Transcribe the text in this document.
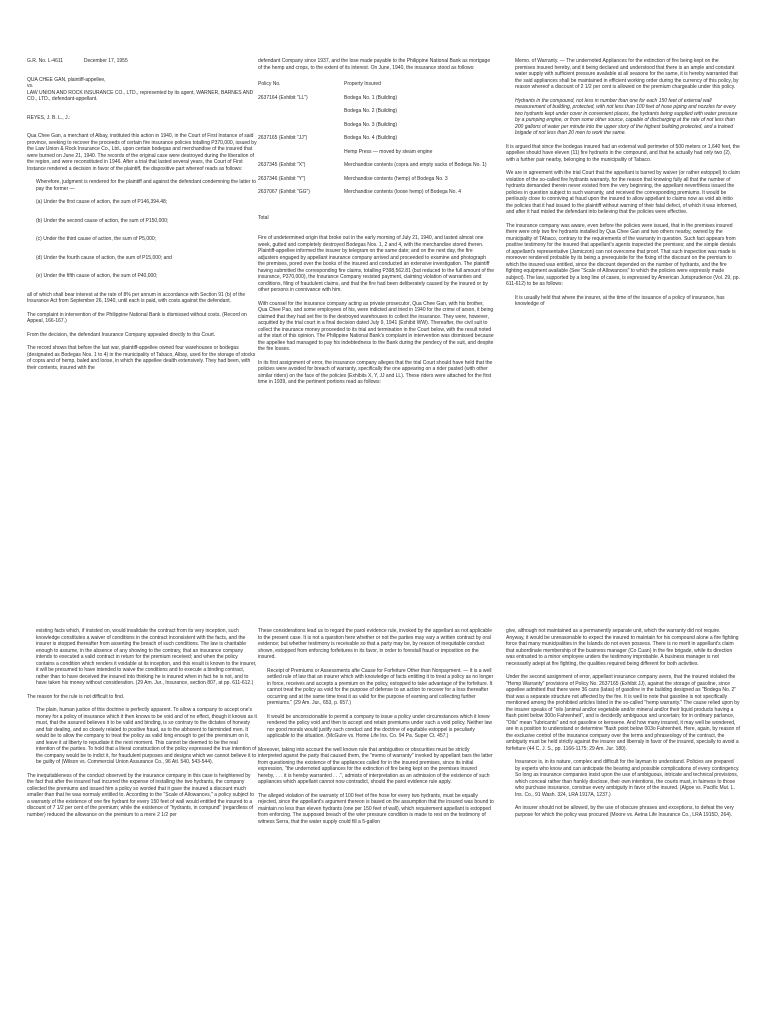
G.R. No. L-4611	December 17, 1955
QUA CHEE GAN, plaintiff-appellee,
vs.
LAW UNION AND ROCK INSURANCE CO., LTD., represented by its agent, WARNER, BARNES AND CO., LTD., defendant-appellant.
REYES, J. B. L., J.:

Qua Chee Gan, a merchant of Albay, instituted this action in 1940, in the Court of First Instance of said province, seeking to recover the proceeds of certain fire insurance policies totalling P370,000, issued by the Law Union & Rock Insurance Co., Ltd., upon certain bodegas and merchandise of the insured that were burned on June 21, 1940. The records of the original case were destroyed during the liberation of the region, and were reconstituted in 1946. After a trial that lasted several years, the Court of First Instance rendered a decision in favor of the plaintiff, the dispositive part whereof reads as follows:

Wherefore, judgment is rendered for the plaintiff and against the defendant condemning the latter to pay the former —

(a) Under the first cause of action, the sum of P146,394.48;

(b) Under the second cause of action, the sum of P150,000;

(c) Under the third cause of action, the sum of P5,000;

(d) Under the fourth cause of action, the sum of P15,000; and

(e) Under the fifth cause of action, the sum of P40,000;

all of which shall bear interest at the rate of 8% per annum in accordance with Section 91 (b) of the Insurance Act from September 26, 1940, until each is paid, with costs against the defendant.

The complaint in intervention of the Philippine National Bank is dismissed without costs. (Record on Appeal, 166-167.)

From the decision, the defendant Insurance Company appealed directly to this Court.

The record shows that before the last war, plaintiff-appellee owned four warehouses or bodegas (designated as Bodegas Nos. 1 to 4) in the municipality of Tabaco, Albay, used for the storage of stocks of copra and of hemp, baled and loose, in which the appellee dealth extensively. They had been, with their contents, insured with the

defendant Company since 1937, and the lose made payable to the Philippine National Bank as mortgage of the hemp and crops, to the extent of its interest. On June, 1940, the insurance stood as follows:

Policy No.	Property Insured
2637164 (Exhibit "LL")	Bodega No. 1 (Building)
	Bodega No. 2 (Building)
	Bodega No. 3 (Building)
2637165 (Exhibit "JJ")	Bodega No. 4 (Building)
	Hemp Press — moved by steam engine
2637345 (Exhibit "X")	Merchandise contents (copra and empty sacks of Bodega No. 1)
2637346 (Exhibit "Y")	Merchandise contents (hemp) of Bodega No. 3
2637067 (Exhibit "GG")	Merchandise contents (loose hemp) of Bodega No. 4

Total

Fire of undetermined origin that broke out in the early morning of July 21, 1940, and lasted almost one week, gutted and completely destroyed Bodegas Nos. 1, 2 and 4, with the merchandise stored theren. Plaintiff-appellee informed the insurer by telegram on the same date; and on the next day, the fire adjusters engaged by appellant insurance company arrived and proceeded to examine and photograph the premises, pored over the books of the insured and conducted an extensive investigation. The plaintiff having submitted the corresponding fire claims, totalling P398,562.81 (but reduced to the full amount of the insurance, P370,000), the Insurance Company resisted payment, claiming violation of warranties and conditions, filing of fraudulent claims, and that the fire had been deliberately caused by the insured or by other persons in connivance with him.

With counsel for the insurance company acting as private prosecutor, Qua Chee Gan, with his brother, Qua Chee Pao, and some employees of his, were indicted and tried in 1940 for the crime of arson, it being claimed that they had set fire to the destroyed warehouses to collect the insurance. They were, however, acquitted by the trial court in a final decision dated July 9, 1941 (Exhibit WW). Thereafter, the civil suit to collect the insurance money proceeded to its trial and termination in the Court below, with the result noted at the start of this opinion. The Philippine National Bank's complaint in intervention was dismissed because the appellee had managed to pay his indebtedness to the Bank during the pendecy of the suit, and despite the fire losses.

In its first assignment of error, the insurance company alleges that the trial Court should have held that the policies were avoided for breach of warranty, specifically the one appearing on a rider pasted (with other similar riders) on the face of the policies (Exhibits X, Y, JJ and LL). These riders were attached for the first time in 1939, and the pertinent portions read as follows:

Memo. of Warranty. — The undernoted Appliances for the extinction of fire being kept on the premises insured hereby, and it being declared and understood that there is an ample and constant water supply with sufficient pressure available at all seasons for the same, it is hereby warranted that the said appliances shall be maintained in efficient working order during the currency of this policy, by reason whereof a discount of 2 1/2 per cent is allowed on the premium chargeable under this policy.

Hydrants in the compound, not less in number than one for each 150 feet of external wall measurement of building, protected, with not less than 100 feet of hose piping and nozzles for every two hydrants kept under cover in convenient places, the hydrants being supplied with water pressure by a pumping engine, or from some other source, capable of discharging at the rate of not less than 200 gallons of water per minute into the upper story of the highest building protected, and a trained brigade of not less than 20 men to work the same.

It is argued that since the bodegas insured had an external wall perimeter of 500 meters or 1,640 feet, the appellee should have eleven (11) fire hydrants in the compound, and that he actually had only two (2), with a further pair nearby, belonging to the municipality of Tabaco.

We are in agreement with the trial Court that the appellant is barred by waiver (or rather estoppel) to claim violation of the so-called fire hydrants warranty, for the reason that knowing fully all that the number of hydrants demanded therein never existed from the very beginning, the appellant neverthless issued the policies in question subject to such warranty, and received the corresponding premiums. It would be perilously close to conniving at fraud upon the insured to allow appellant to claims now as void ab initio the policies that it had issued to the plaintiff without warning of their fatal defect, of which it was informed, and after it had misled the defendant into believing that the policies were effective.

The insurance company was aware, even before the policies were issued, that in the premises insured there were only two fire hydrants installed by Qua Chee Gan and two others nearby, owned by the municipality of TAbaco, contrary to the requirements of the warranty in question. Such fact appears from positive testimony for the insured that appellant's agents inspected the premises; and the simple denials of appellant's representative (Jamiczon) can not overcome that proof. That such inspection was made is moreover rendered probable by its being a prerequisite for the fixing of the discount on the premium to which the insured was entitled, since the discount depended on the number of hydrants, and the fire fighting equipment available (See "Scale of Allowances" to which the policies were expressly made subject). The law, supported by a long line of cases, is expressed by American Jurisprudence (Vol. 29, pp. 611-612) to be as follows:

It is usually held that where the insurer, at the time of the issuance of a policy of insurance, has knowledge of

existing facts which, if insisted on, would invalidate the contract from its very inception, such knowledge constitutes a waiver of conditions in the contract inconsistent with the facts, and the insurer is stopped thereafter from asserting the breach of such conditions. The law is charitable enough to assume, in the absence of any showing to the contrary, that an insurance company intends to executed a valid contract in return for the premium received; and when the policy contains a condition which renders it voidable at its inception, and this result is known to the insurer, it will be presumed to have intended to waive the conditions and to execute a binding contract, rather than to have deceived the insured into thinking he is insured when in fact he is not, and to have taken his money without consideration. (29 Am. Jur., Insurance, section 807, at pp. 611-612.)

The reason for the rule is not difficult to find.

The plain, human justice of this doctrine is perfectly apparent. To allow a company to accept one's money for a policy of insurance which it then knows to be void and of no effect, though it knows as it must, that the assured believes it to be valid and binding, is so contrary to the dictates of honesty and fair dealing, and so closely related to positive fraud, as to the abhorent to fairminded men. It would be to allow the company to treat the policy as valid long enough to get the preminum on it, and leave it at liberty to repudiate it the next moment. This cannot be deemed to be the real intention of the parties. To hold that a literal construction of the policy expressed the true intention of the company would be to indict it, for fraudulent purposes and designs which we cannot believe it to be guilty of (Wilson vs. Commercial Union Assurance Co., 96 Atl. 540, 543-544).

The inequitableness of the conduct observed by the insurance company in this case is heightened by the fact that after the insured had incurred the expense of installing the two hydrants, the company collected the premiums and issued him a policy so worded that it gave the insured a discount much smaller than that he was normaly entitled to. According to the "Scale of Allowances," a policy subject to a warranty of the existence of one fire hydrant for every 150 feet of wall would entitled the insured to a discount of 7 1/2 per cent of the premium; while the existence of "hydrants, in compund" (regardless of number) reduced the allowance on the premium to a mere 2 1/2 per

These considerations lead us to regard the parol evidence rule, invoked by the appellant as not applicable to the present case. It is not a question here whether or not the parties may vary a written contract by oral evidence; but whether testimony is receivable so that a party may be, by reason of inequitable conduct shown, estopped from enforcing forfeitures in its favor, in order to forestall fraud or imposition on the insured.

Receipt of Premiums or Assessments afte Cause for Forfeiture Other than Nonpayment. — It is a well settled rule of law that an insurer which with knowledge of facts entitling it to treat a policy as no longer in force, receives and accepts a premium on the policy, estopped to take advantage of the forfeiture. It cannot treat the policy as void for the purpose of defense to an action to recover for a loss thereafter occurring and at the same time treat it as valid for the purpose of earning and collecting further premiums." (29 Am. Jur., 653, p. 657.)

It would be unconscionable to permit a company to issue a policy under circumstances which it knew rendered the policy void and then to accept and retain premiums under such a void policy. Neither law nor good morals would justify such conduct and the doctrine of equitable estoppel is peculiarly applicable to the situation. (McGuire vs. Home Life Ins. Co. 94 Pa. Super Ct. 457.)

Moreover, taking into account the well known rule that ambiguities or obscurities must be strictly interpreted aganst the party that caused them, the "memo of warranty" invoked by appellant bars the latter from questioning the existence of the appliances called for in the insured premises, since its initial expression, "the undernoted appliances for the extinction of fire being kept on the premises insured hereby, . . . it is hereby warranted . . .", admists of interpretation as an admission of the existence of such appliances which appellant cannot now contradict, should the parol evidence rule apply.

The alleged violation of the warranty of 100 feet of fire hose for every two hydrants, must be equally rejected, since the appellant's argument thereon is based on the assumption that the insured was bound to maintain no less than eleven hydrants (one per 150 feet of wall), which requirement appellant is estopped from enforcing. The supposed breach of the wter pressure condition is made to rest on the testimony of witness Serra, that the water supply could fill a 5-gallon

glve, although not maintained as a permanently separate unit, which the warranty did not require. Anyway, it would be unreasonable to expect the insured to maintain for his compound alone a fire fighting force that many municipalities in the Islands do not even possess. There is no merit in appellant's claim that subordinate membership of the business manager (Co Cuan) in the fire brigade, while its direction was entrusted to a minor employee unders the testimony improbable. A business manager is not necessarily adept at fire fighting, the qualities required being different for both activities.

Under the second assignment of error, appellant insurance company avers, that the insured violated the "Hemp Warranty" provisions of Policy No. 2637165 (Exhibit JJ), against the storage of gasoline, since appellee admitted that there were 36 cans (latas) of gasoline in the building designed as "Bodega No. 2" that was a separate structure not affected by the fire. It is well to note that gasoline is not specifically mentioned among the prohibited articles listed in the so-called "hemp warranty." The cause relied upon by the insurer speaks of "oils (animal and/or vegetable and/or mineral and/or their liquid products having a flash point below 300o Fahrenheit", and is decidedly ambiguous and uncertain; for in ordinary parlance, "Oils" mean "lubricants" and not gasoline or kerosene. And how many insured, it may well be wondered, are in a position to understand or determine "flash point below 003o Fahrenheit. Here, again, by reason of the exclusive control of the insurance company over the terms and phraseology of the contract, the ambiguity must be held strictly against the insurer and liberraly in favor of the insured, specially to avoid a forfeiture (44 C. J. S., pp. 1166-1175; 29 Am. Jur. 180).

Insurance is, in its nature, complex and difficult for the layman to understand. Policies are prepared by experts who know and can anticipate the bearing and possible complications of every contingency. So long as insurance companies insist upon the use of ambiguous, intricate and technical provisions, which conceal rather than frankly disclose, their own intentions, the courts must, in fairness to those who purchase insurance, construe every ambiguity in favor of the insured. (Algoe vs. Pacific Mut. L. Ins. Co., 91 Wash. 324, LRA 1917A, 1237.)

An insurer should not be allowed, by the use of obscure phrases and exceptions, to defeat the very purpose for which the policy was procured (Moore vs. Aetna Life Insurance Co., LRA 1915D, 264).
